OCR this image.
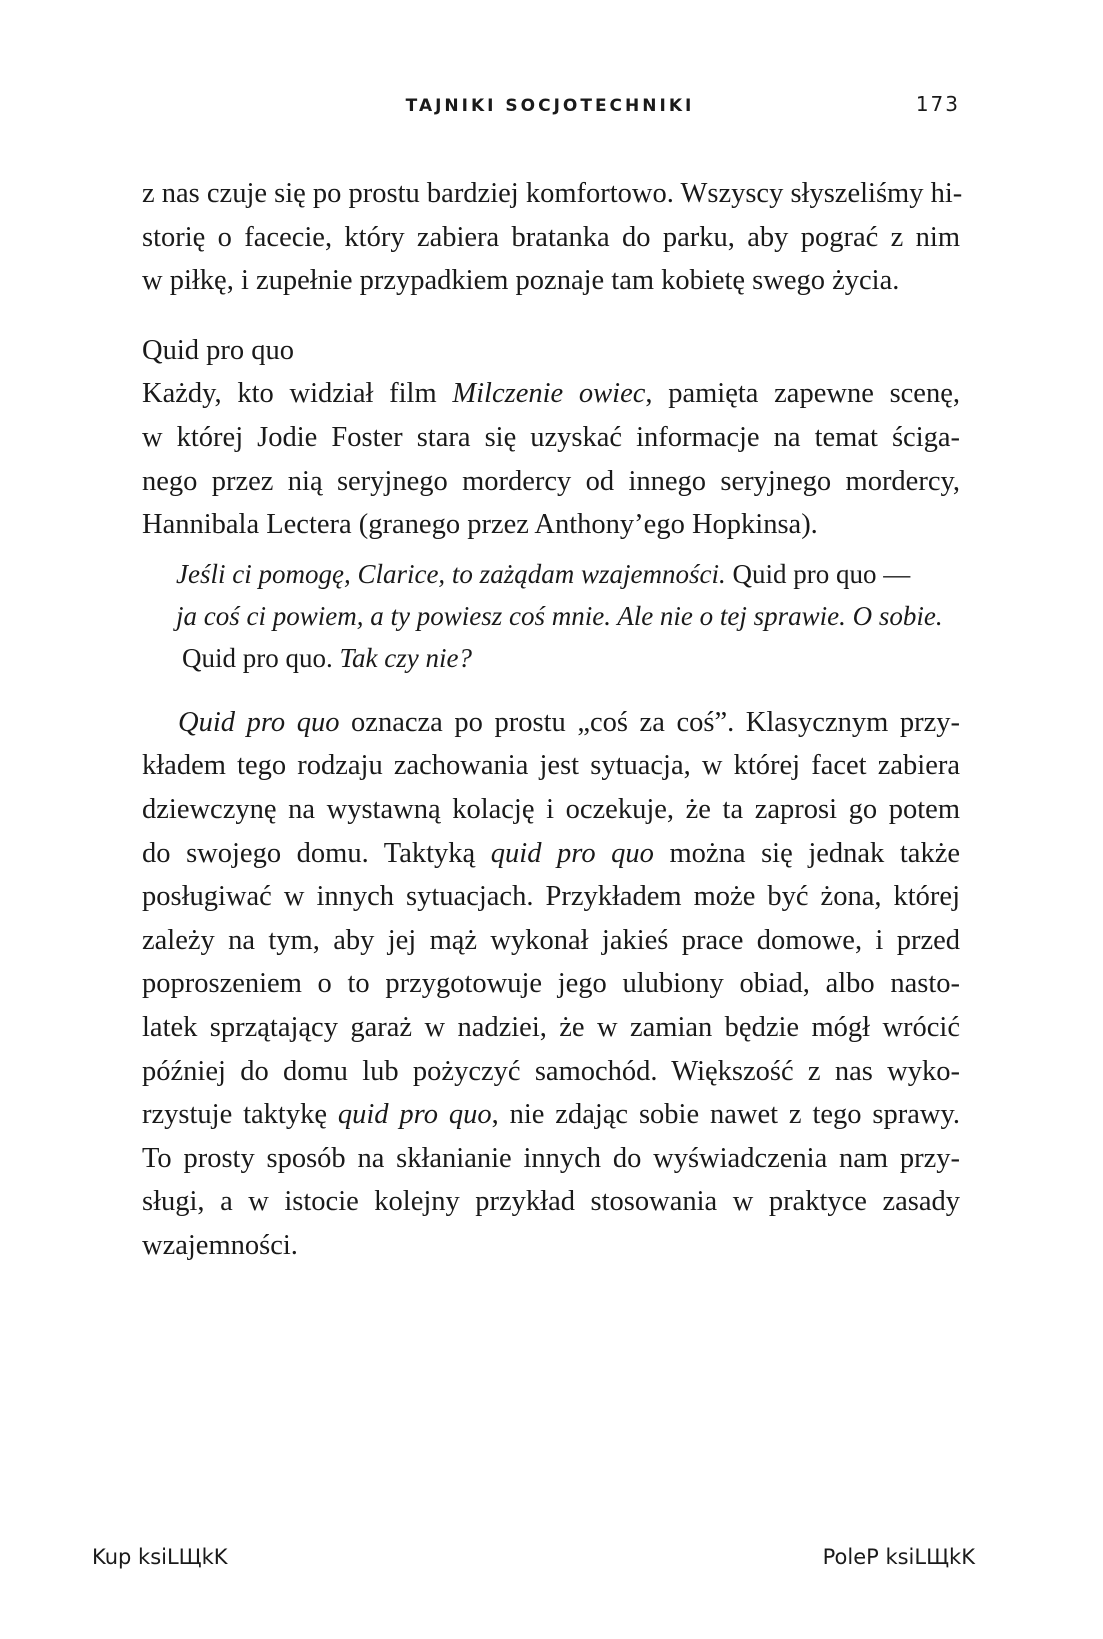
TAJNIKI SOCJOTECHNIKI	173
z nas czuje się po prostu bardziej komfortowo. Wszyscy słyszeliśmy hi-
storię o facecie, który zabiera bratanka do parku, aby pograć z nim
w piłkę, i zupełnie przypadkiem poznaje tam kobietę swego życia.
Quid pro quo
Każdy, kto widział film Milczenie owiec, pamięta zapewne scenę,
w której Jodie Foster stara się uzyskać informacje na temat ściga-
nego przez nią seryjnego mordercy od innego seryjnego mordercy,
Hannibala Lectera (granego przez Anthony’ego Hopkinsa).
Jeśli ci pomogę, Clarice, to zażądam wzajemności. Quid pro quo —
ja coś ci powiem, a ty powiesz coś mnie. Ale nie o tej sprawie. O sobie.
Quid pro quo. Tak czy nie?
Quid pro quo oznacza po prostu „coś za coś”. Klasycznym przy-
kładem tego rodzaju zachowania jest sytuacja, w której facet zabiera
dziewczynę na wystawną kolację i oczekuje, że ta zaprosi go potem
do swojego domu. Taktyką quid pro quo można się jednak także
posługiwać w innych sytuacjach. Przykładem może być żona, której
zależy na tym, aby jej mąż wykonał jakieś prace domowe, i przed
poproszeniem o to przygotowuje jego ulubiony obiad, albo nasto-
latek sprzątający garaż w nadziei, że w zamian będzie mógł wrócić
później do domu lub pożyczyć samochód. Większość z nas wyko-
rzystuje taktykę quid pro quo, nie zdając sobie nawet z tego sprawy.
To prosty sposób na skłanianie innych do wyświadczenia nam przy-
sługi, a w istocie kolejny przykład stosowania w praktyce zasady
wzajemności.
Kup ksiLЩkK	PoleP ksiLЩkK
